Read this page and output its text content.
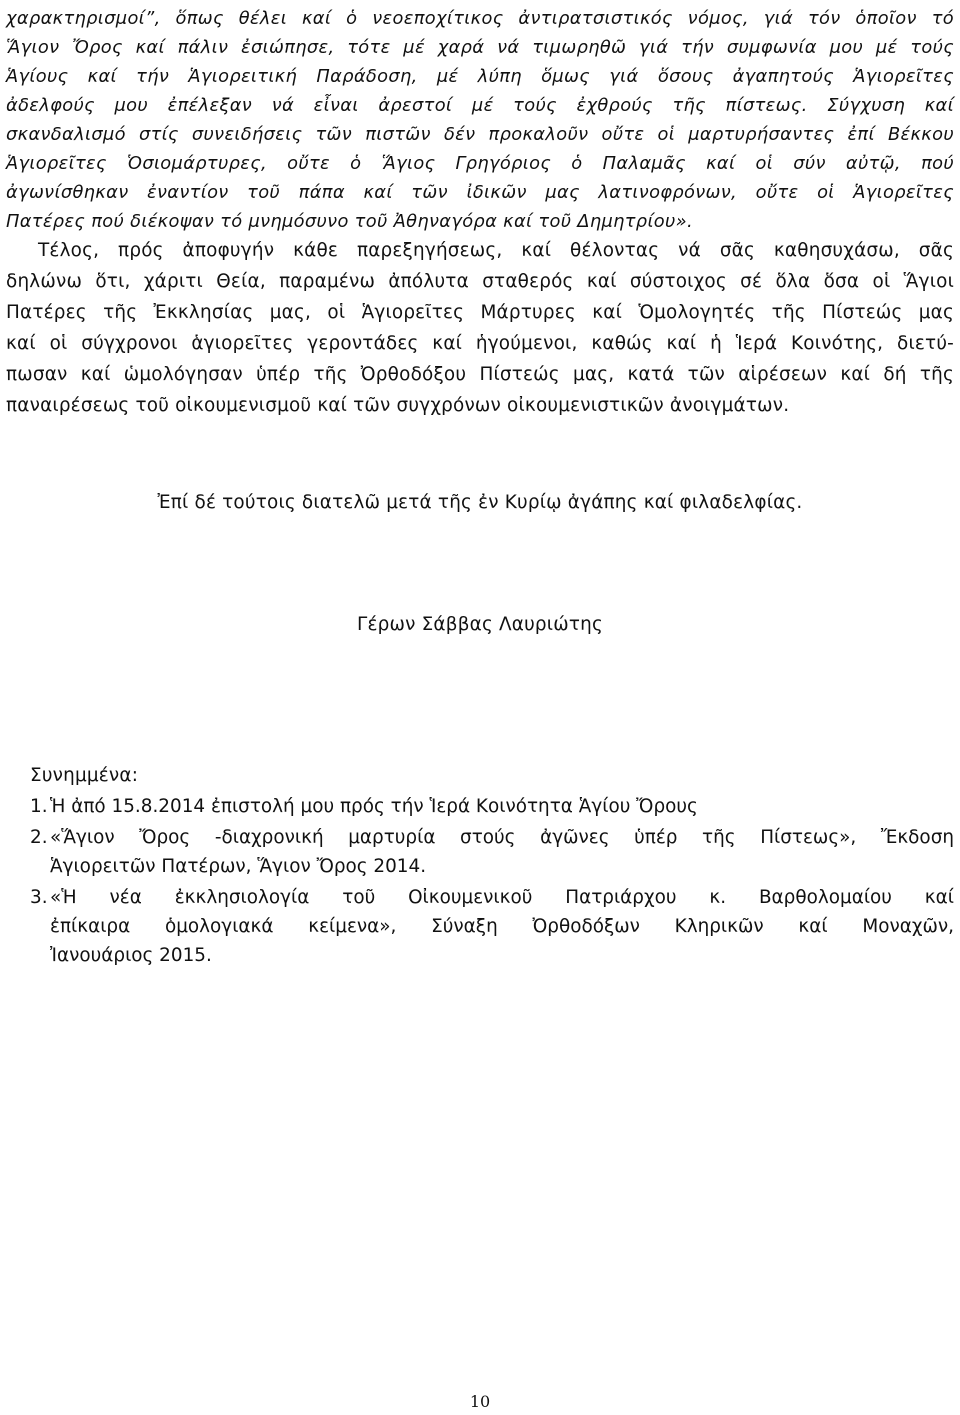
χαρακτηρισμοί”, ὅπως θέλει καί ὁ νεοεποχίτικος ἀντιρατσιστικός νόμος, γιά τόν ὁποῖον τό
Ἅγιον Ὄρος καί πάλιν ἐσιώπησε, τότε μέ χαρά νά τιμωρηθῶ γιά τήν συμφωνία μου μέ τούς
Ἁγίους καί τήν Ἁγιορειτική Παράδοση, μέ λύπη ὅμως γιά ὅσους ἀγαπητούς Ἁγιορεῖτες
ἀδελφούς μου ἐπέλεξαν νά εἶναι ἀρεστοί μέ τούς ἐχθρούς τῆς πίστεως. Σύγχυση καί
σκανδαλισμό στίς συνειδήσεις τῶν πιστῶν δέν προκαλοῦν οὔτε οἱ μαρτυρήσαντες ἐπί Βέκκου
Ἁγιορεῖτες Ὁσιομάρτυρες, οὔτε ὁ Ἅγιος Γρηγόριος ὁ Παλαμᾶς καί οἱ σύν αὐτῷ, πού
ἀγωνίσθηκαν ἐναντίον τοῦ πάπα καί τῶν ἰδικῶν μας λατινοφρόνων, οὔτε οἱ Ἁγιορεῖτες
Πατέρες πού διέκοψαν τό μνημόσυνο τοῦ Ἀθηναγόρα καί τοῦ Δημητρίου».
Τέλος, πρός ἀποφυγήν κάθε παρεξηγήσεως, καί θέλοντας νά σᾶς καθησυχάσω, σᾶς
δηλώνω ὅτι, χάριτι Θεία, παραμένω ἀπόλυτα σταθερός καί σύστοιχος σέ ὅλα ὅσα οἱ Ἅγιοι
Πατέρες τῆς Ἐκκλησίας μας, οἱ Ἁγιορεῖτες Μάρτυρες καί Ὁμολογητές τῆς Πίστεώς μας
καί οἱ σύγχρονοι ἁγιορεῖτες γεροντάδες καί ἡγούμενοι, καθώς καί ἡ Ἱερά Κοινότης, διετύ-
πωσαν καί ὡμολόγησαν ὑπέρ τῆς Ὀρθοδόξου Πίστεώς μας, κατά τῶν αἱρέσεων καί δή τῆς
παναιρέσεως τοῦ οἰκουμενισμοῦ καί τῶν συγχρόνων οἰκουμενιστικῶν ἀνοιγμάτων.
Ἐπί δέ τούτοις διατελῶ μετά τῆς ἐν Κυρίῳ ἀγάπης καί φιλαδελφίας.
Γέρων Σάββας Λαυριώτης
Συνημμένα:
1. Ἡ ἀπό 15.8.2014 ἐπιστολή μου πρός τήν Ἱερά Κοινότητα Ἁγίου Ὄρους
2. «Ἅγιον Ὄρος -διαχρονική μαρτυρία στούς ἀγῶνες ὑπέρ τῆς Πίστεως», Ἔκδοση
Ἁγιορειτῶν Πατέρων, Ἅγιον Ὄρος 2014.
3. «Ἡ νέα ἐκκλησιολογία τοῦ Οἰκουμενικοῦ Πατριάρχου κ. Βαρθολομαίου καί
ἐπίκαιρα ὁμολογιακά κείμενα», Σύναξη Ὀρθοδόξων Κληρικῶν καί Μοναχῶν,
Ἰανουάριος 2015.
10
